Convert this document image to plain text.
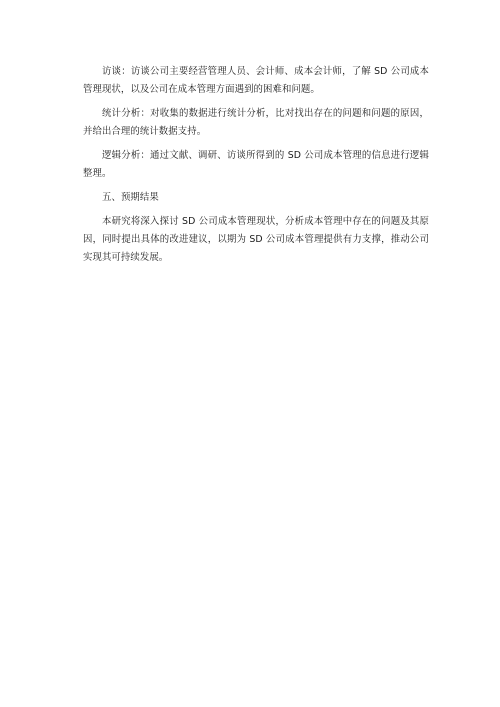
访谈：访谈公司主要经营管理人员、会计师、成本会计师，了解 SD 公司成本管理现状，以及公司在成本管理方面遇到的困难和问题。

统计分析：对收集的数据进行统计分析，比对找出存在的问题和问题的原因，并给出合理的统计数据支持。

逻辑分析：通过文献、调研、访谈所得到的 SD 公司成本管理的信息进行逻辑整理。

五、预期结果

本研究将深入探讨 SD 公司成本管理现状，分析成本管理中存在的问题及其原因，同时提出具体的改进建议，以期为 SD 公司成本管理提供有力支撑，推动公司实现其可持续发展。
